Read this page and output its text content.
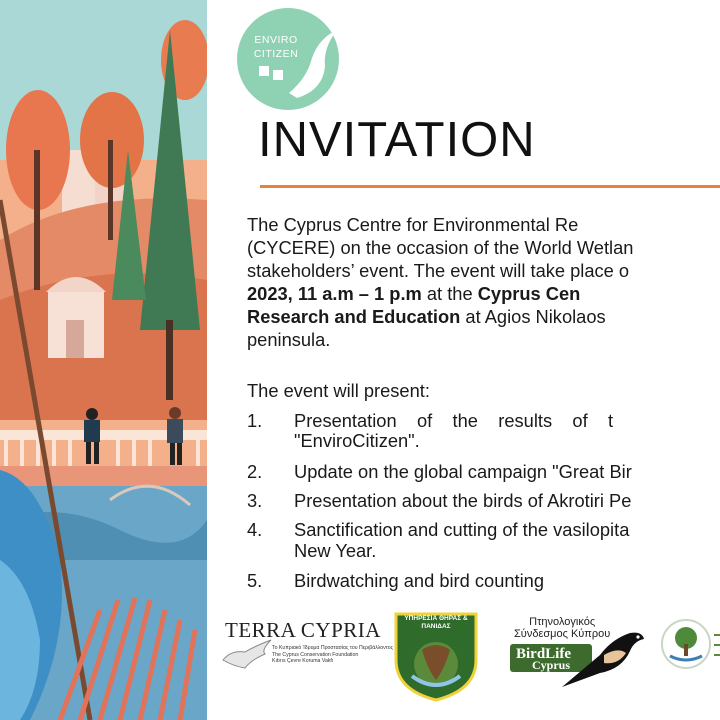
ENVIRO
CITIZEN
INVITATION
The Cyprus Centre for Environmental Re
(CYCERE) on the occasion of the World Wetlan
stakeholders’ event. The event will take place o
2023, 11 a.m – 1 p.m at the Cyprus Cen
Research and Education at Agios Nikolaos
peninsula.
The event will present:
1. Presentation    of    the    results    of    t
"EnviroCitizen".
2. Update on the global campaign "Great Bir
3. Presentation about the birds of Akrotiri Pe
4. Sanctification and cutting of the vasilopita
New Year.
5. Birdwatching and bird counting
TERRA CYPRIA
Το Κυπριακό Ίδρυμα Προστασίας του Περιβάλλοντος
The Cyprus Conservation Foundation
Kıbrıs Çevre Koruma Vakfı
ΥΠΗΡΕΣΙΑ ΘΗΡΑΣ & ΠΑΝΙΔΑΣ	Πτηνολογικός
Σύνδεσμος Κύπρου
BirdLife
Cyprus
